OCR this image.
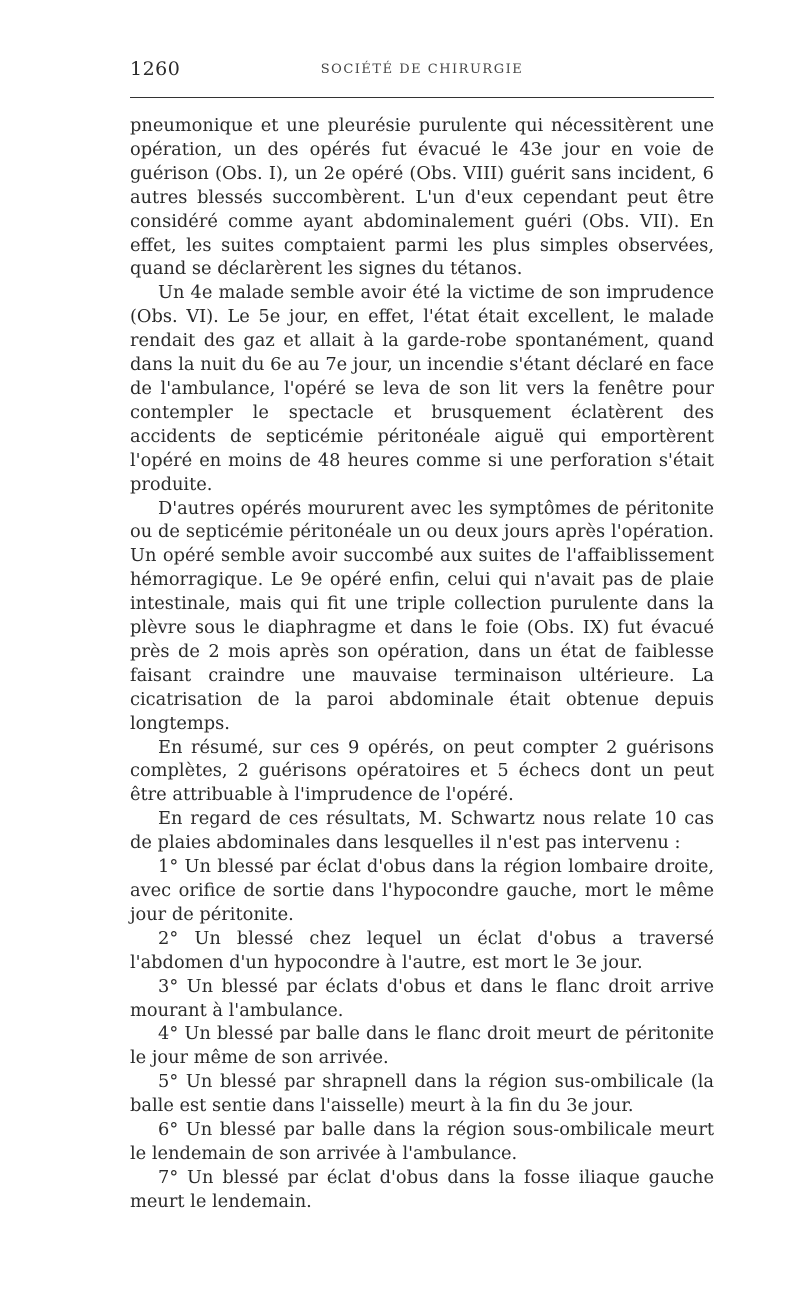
1260	SOCIÉTÉ DE CHIRURGIE

pneumonique et une pleurésie purulente qui nécessitèrent une opération, un des opérés fut évacué le 43e jour en voie de guérison (Obs. I), un 2e opéré (Obs. VIII) guérit sans incident, 6 autres blessés succombèrent. L'un d'eux cependant peut être considéré comme ayant abdominalement guéri (Obs. VII). En effet, les suites comptaient parmi les plus simples observées, quand se déclarèrent les signes du tétanos.

Un 4e malade semble avoir été la victime de son imprudence (Obs. VI). Le 5e jour, en effet, l'état était excellent, le malade rendait des gaz et allait à la garde-robe spontanément, quand dans la nuit du 6e au 7e jour, un incendie s'étant déclaré en face de l'ambulance, l'opéré se leva de son lit vers la fenêtre pour contempler le spectacle et brusquement éclatèrent des accidents de septicémie péritonéale aiguë qui emportèrent l'opéré en moins de 48 heures comme si une perforation s'était produite.

D'autres opérés moururent avec les symptômes de péritonite ou de septicémie péritonéale un ou deux jours après l'opération. Un opéré semble avoir succombé aux suites de l'affaiblissement hémorragique. Le 9e opéré enfin, celui qui n'avait pas de plaie intestinale, mais qui fit une triple collection purulente dans la plèvre sous le diaphragme et dans le foie (Obs. IX) fut évacué près de 2 mois après son opération, dans un état de faiblesse faisant craindre une mauvaise terminaison ultérieure. La cicatrisation de la paroi abdominale était obtenue depuis longtemps.

En résumé, sur ces 9 opérés, on peut compter 2 guérisons complètes, 2 guérisons opératoires et 5 échecs dont un peut être attribuable à l'imprudence de l'opéré.

En regard de ces résultats, M. Schwartz nous relate 10 cas de plaies abdominales dans lesquelles il n'est pas intervenu :

1° Un blessé par éclat d'obus dans la région lombaire droite, avec orifice de sortie dans l'hypocondre gauche, mort le même jour de péritonite.

2° Un blessé chez lequel un éclat d'obus a traversé l'abdomen d'un hypocondre à l'autre, est mort le 3e jour.

3° Un blessé par éclats d'obus et dans le flanc droit arrive mourant à l'ambulance.

4° Un blessé par balle dans le flanc droit meurt de péritonite le jour même de son arrivée.

5° Un blessé par shrapnell dans la région sus-ombilicale (la balle est sentie dans l'aisselle) meurt à la fin du 3e jour.

6° Un blessé par balle dans la région sous-ombilicale meurt le lendemain de son arrivée à l'ambulance.

7° Un blessé par éclat d'obus dans la fosse iliaque gauche meurt le lendemain.
